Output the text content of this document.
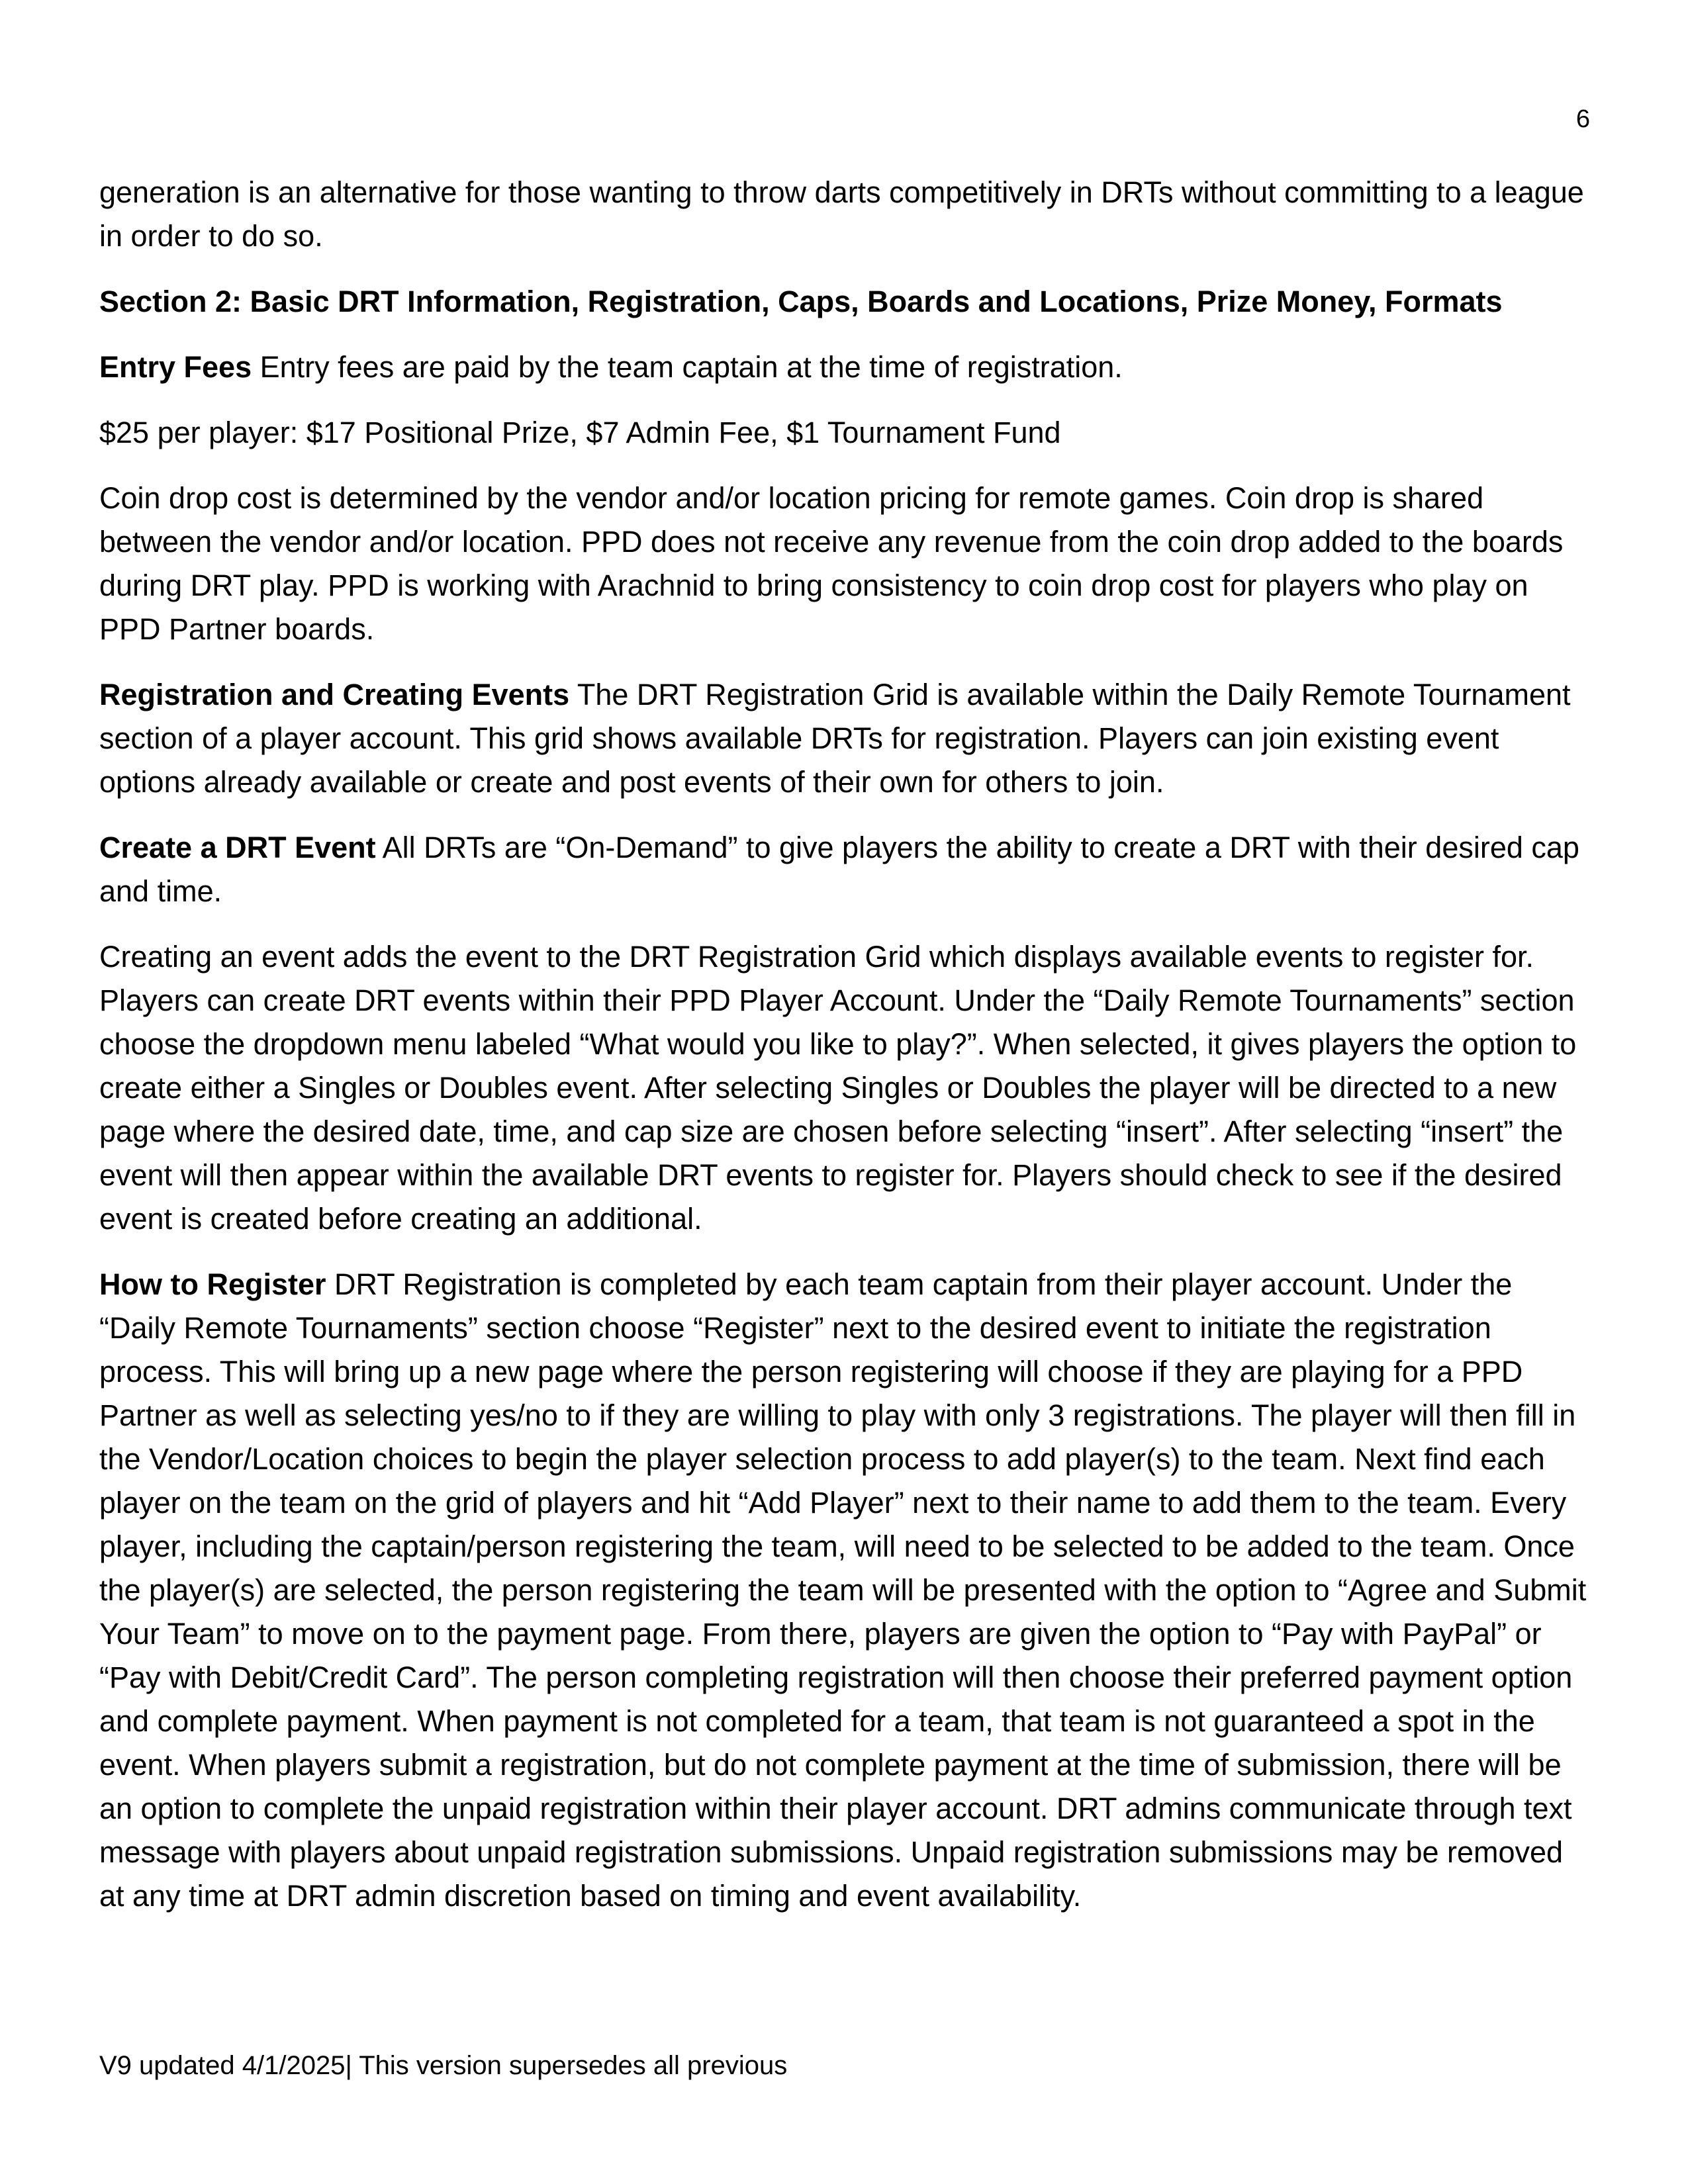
6

generation is an alternative for those wanting to throw darts competitively in DRTs without committing to a league in order to do so.

Section 2: Basic DRT Information, Registration, Caps, Boards and Locations, Prize Money, Formats

Entry Fees Entry fees are paid by the team captain at the time of registration.

$25 per player: $17 Positional Prize, $7 Admin Fee, $1 Tournament Fund

Coin drop cost is determined by the vendor and/or location pricing for remote games. Coin drop is shared between the vendor and/or location. PPD does not receive any revenue from the coin drop added to the boards during DRT play. PPD is working with Arachnid to bring consistency to coin drop cost for players who play on PPD Partner boards.

Registration and Creating Events The DRT Registration Grid is available within the Daily Remote Tournament section of a player account. This grid shows available DRTs for registration. Players can join existing event options already available or create and post events of their own for others to join.

Create a DRT Event All DRTs are “On-Demand” to give players the ability to create a DRT with their desired cap and time.

Creating an event adds the event to the DRT Registration Grid which displays available events to register for. Players can create DRT events within their PPD Player Account. Under the “Daily Remote Tournaments” section choose the dropdown menu labeled “What would you like to play?”. When selected, it gives players the option to create either a Singles or Doubles event. After selecting Singles or Doubles the player will be directed to a new page where the desired date, time, and cap size are chosen before selecting “insert”. After selecting “insert” the event will then appear within the available DRT events to register for. Players should check to see if the desired event is created before creating an additional.

How to Register DRT Registration is completed by each team captain from their player account. Under the “Daily Remote Tournaments” section choose “Register” next to the desired event to initiate the registration process. This will bring up a new page where the person registering will choose if they are playing for a PPD Partner as well as selecting yes/no to if they are willing to play with only 3 registrations. The player will then fill in the Vendor/Location choices to begin the player selection process to add player(s) to the team. Next find each player on the team on the grid of players and hit “Add Player” next to their name to add them to the team. Every player, including the captain/person registering the team, will need to be selected to be added to the team. Once the player(s) are selected, the person registering the team will be presented with the option to “Agree and Submit Your Team” to move on to the payment page. From there, players are given the option to “Pay with PayPal” or “Pay with Debit/Credit Card”. The person completing registration will then choose their preferred payment option and complete payment. When payment is not completed for a team, that team is not guaranteed a spot in the event. When players submit a registration, but do not complete payment at the time of submission, there will be an option to complete the unpaid registration within their player account. DRT admins communicate through text message with players about unpaid registration submissions. Unpaid registration submissions may be removed at any time at DRT admin discretion based on timing and event availability.

V9 updated 4/1/2025| This version supersedes all previous
